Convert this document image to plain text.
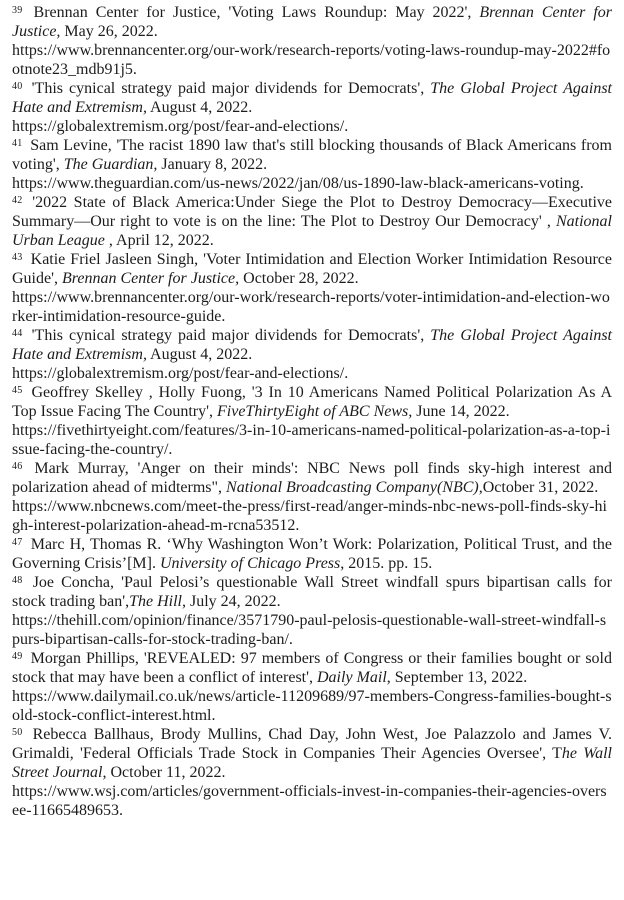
$^{39}$ Brennan Center for Justice, 'Voting Laws Roundup: May 2022', Brennan Center for Justice, May 26, 2022.
https://www.brennancenter.org/our-work/research-reports/voting-laws-roundup-may-2022#footnote23_mdb91j5.

$^{40}$ 'This cynical strategy paid major dividends for Democrats', The Global Project Against Hate and Extremism, August 4, 2022.
https://globalextremism.org/post/fear-and-elections/.

$^{41}$ Sam Levine, 'The racist 1890 law that's still blocking thousands of Black Americans from voting', The Guardian, January 8, 2022.
https://www.theguardian.com/us-news/2022/jan/08/us-1890-law-black-americans-voting.

$^{42}$ '2022 State of Black America:Under Siege the Plot to Destroy Democracy—Executive Summary—Our right to vote is on the line: The Plot to Destroy Our Democracy' , National Urban League , April 12, 2022.

$^{43}$ Katie Friel Jasleen Singh, 'Voter Intimidation and Election Worker Intimidation Resource Guide', Brennan Center for Justice, October 28, 2022.
https://www.brennancenter.org/our-work/research-reports/voter-intimidation-and-election-worker-intimidation-resource-guide.

$^{44}$ 'This cynical strategy paid major dividends for Democrats', The Global Project Against Hate and Extremism, August 4, 2022.
https://globalextremism.org/post/fear-and-elections/.

$^{45}$ Geoffrey Skelley , Holly Fuong, '3 In 10 Americans Named Political Polarization As A Top Issue Facing The Country', FiveThirtyEight of ABC News, June 14, 2022.
https://fivethirtyeight.com/features/3-in-10-americans-named-political-polarization-as-a-top-issue-facing-the-country/.

$^{46}$ Mark Murray, 'Anger on their minds': NBC News poll finds sky-high interest and polarization ahead of midterms", National Broadcasting Company(NBC),October 31, 2022.
https://www.nbcnews.com/meet-the-press/first-read/anger-minds-nbc-news-poll-finds-sky-high-interest-polarization-ahead-m-rcna53512.

$^{47}$ Marc H, Thomas R. ‘Why Washington Won’t Work: Polarization, Political Trust, and the Governing Crisis’[M]. University of Chicago Press, 2015. pp. 15.

$^{48}$ Joe Concha, 'Paul Pelosi’s questionable Wall Street windfall spurs bipartisan calls for stock trading ban',The Hill, July 24, 2022.
https://thehill.com/opinion/finance/3571790-paul-pelosis-questionable-wall-street-windfall-spurs-bipartisan-calls-for-stock-trading-ban/.

$^{49}$ Morgan Phillips, 'REVEALED: 97 members of Congress or their families bought or sold stock that may have been a conflict of interest', Daily Mail, September 13, 2022.
https://www.dailymail.co.uk/news/article-11209689/97-members-Congress-families-bought-sold-stock-conflict-interest.html.

$^{50}$ Rebecca Ballhaus, Brody Mullins, Chad Day, John West, Joe Palazzolo and James V. Grimaldi, 'Federal Officials Trade Stock in Companies Their Agencies Oversee', The Wall Street Journal, October 11, 2022.
https://www.wsj.com/articles/government-officials-invest-in-companies-their-agencies-oversee-11665489653.
